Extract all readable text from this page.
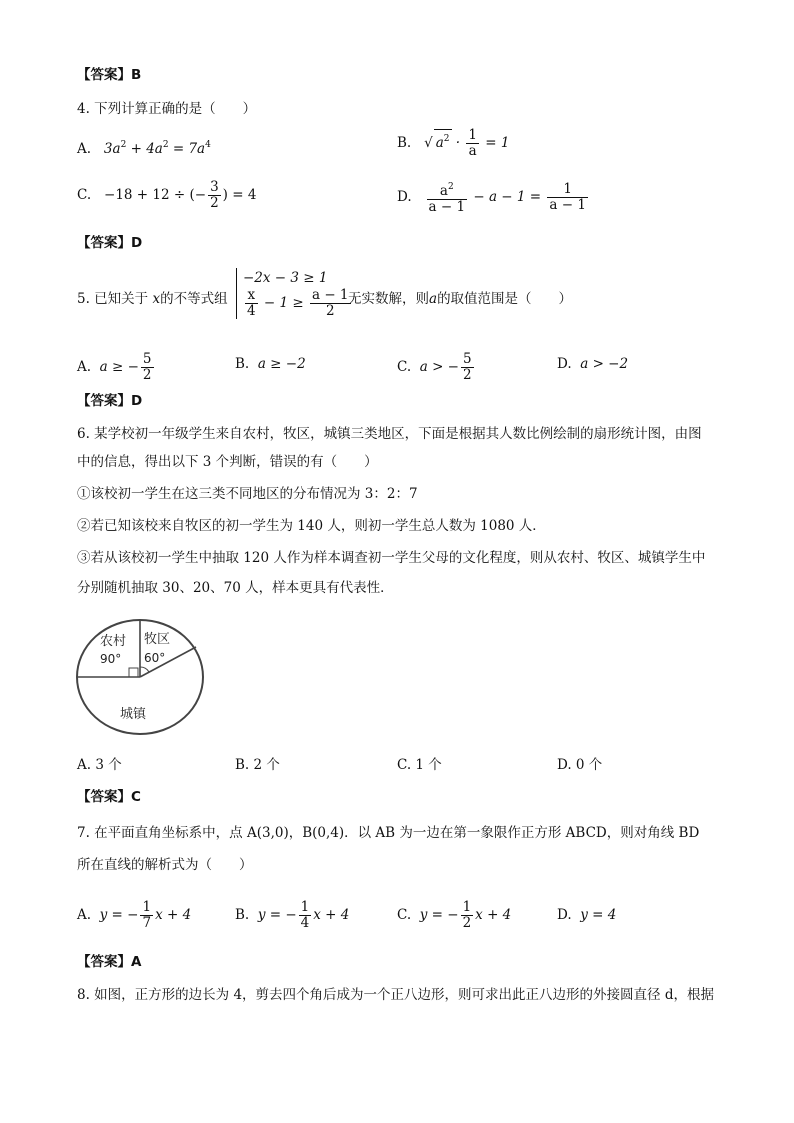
【答案】B
4. 下列计算正确的是（　　）
A. $3a^2 + 4a^2 = 7a^4$	B. √ $a^2 \cdot \frac{1}{a} = 1$
C. −18 + 12 ÷ (− $\frac{3}{2}$ ) = 4	D. $\frac{a^2}{a - 1} - a - 1 = \frac{1}{a - 1}$
【答案】D
5. 已知关于 x的不等式组
−2x − 3 ≥ 1
$\frac{x}{4} - 1 \ge \frac{a - 1}{2}$
无实数解，则a的取值范围是（　　）
A. a ≥ − $\frac{5}{2}$	B. a ≥ −2	C. a > − $\frac{5}{2}$	D. a > −2
【答案】D
6. 某学校初一年级学生来自农村，牧区，城镇三类地区，下面是根据其人数比例绘制的扇形统计图，由图
中的信息，得出以下 3 个判断，错误的有（　　）
①该校初一学生在这三类不同地区的分布情况为 3：2：7
②若已知该校来自牧区的初一学生为 140 人，则初一学生总人数为 1080 人．
③若从该校初一学生中抽取 120 人作为样本调查初一学生父母的文化程度，则从农村、牧区、城镇学生中
分别随机抽取 30、20、70 人，样本更具有代表性．
农村
90°
牧区
60°
城镇
A. 3 个	B. 2 个	C. 1 个	D. 0 个
【答案】C
7. 在平面直角坐标系中，点 A(3,0)，B(0,4)．以 AB 为一边在第一象限作正方形 ABCD，则对角线 BD
所在直线的解析式为（　　）
A. y = − $\frac{1}{7}$ x + 4	B. y = − $\frac{1}{4}$ x + 4	C. y = − $\frac{1}{2}$ x + 4	D. y = 4
【答案】A
8. 如图，正方形的边长为 4，剪去四个角后成为一个正八边形，则可求出此正八边形的外接圆直径 d，根据
